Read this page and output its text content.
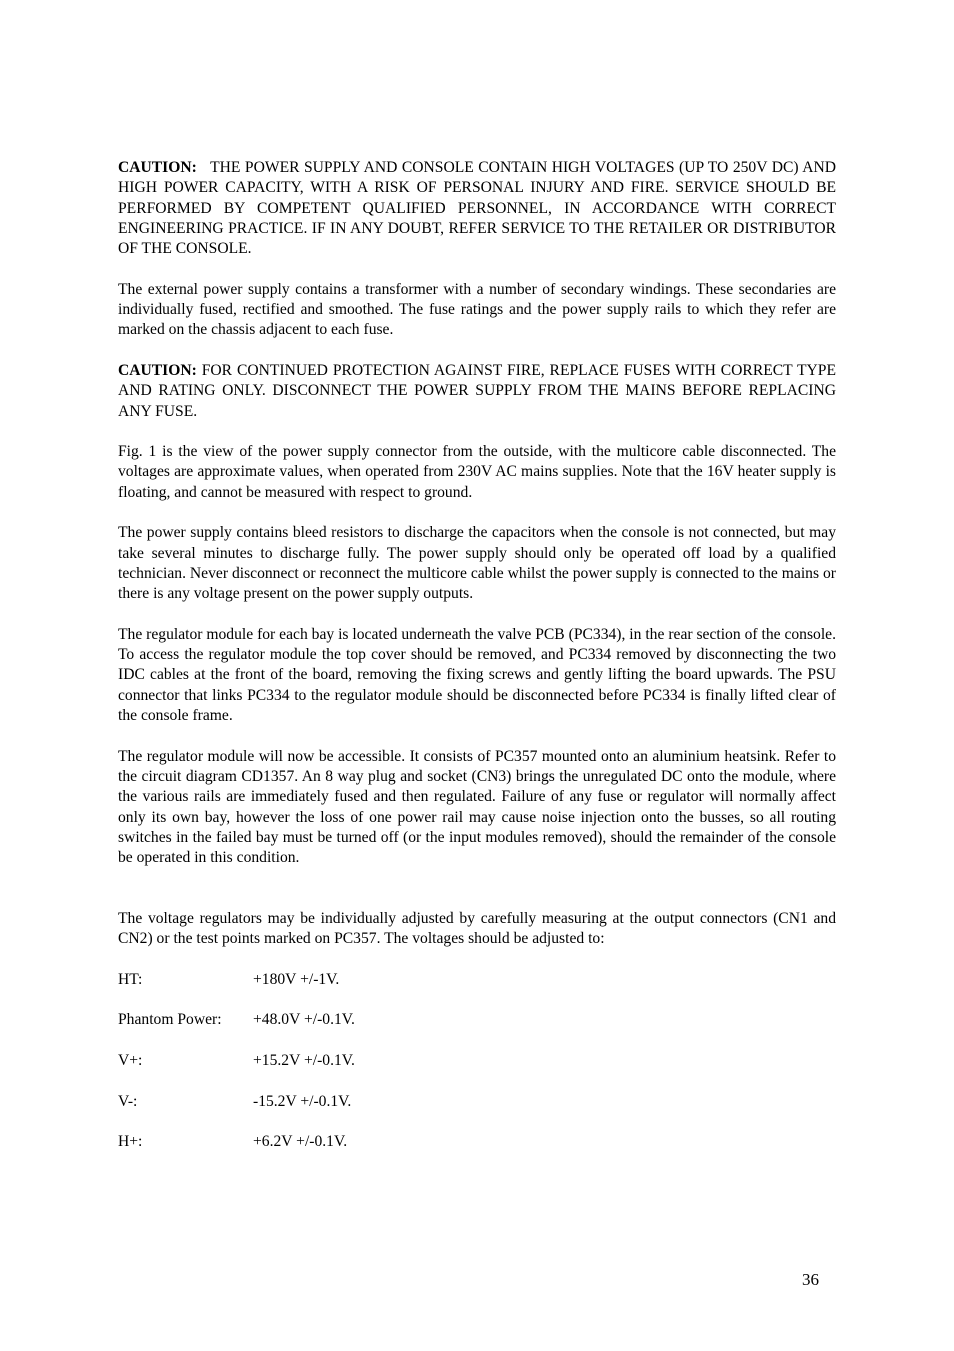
CAUTION: THE POWER SUPPLY AND CONSOLE CONTAIN HIGH VOLTAGES (UP TO 250V DC) AND HIGH POWER CAPACITY, WITH A RISK OF PERSONAL INJURY AND FIRE. SERVICE SHOULD BE PERFORMED BY COMPETENT QUALIFIED PERSONNEL, IN ACCORDANCE WITH CORRECT ENGINEERING PRACTICE. IF IN ANY DOUBT, REFER SERVICE TO THE RETAILER OR DISTRIBUTOR OF THE CONSOLE.

The external power supply contains a transformer with a number of secondary windings. These secondaries are individually fused, rectified and smoothed. The fuse ratings and the power supply rails to which they refer are marked on the chassis adjacent to each fuse.

CAUTION: FOR CONTINUED PROTECTION AGAINST FIRE, REPLACE FUSES WITH CORRECT TYPE AND RATING ONLY. DISCONNECT THE POWER SUPPLY FROM THE MAINS BEFORE REPLACING ANY FUSE.

Fig. 1 is the view of the power supply connector from the outside, with the multicore cable disconnected. The voltages are approximate values, when operated from 230V AC mains supplies. Note that the 16V heater supply is floating, and cannot be measured with respect to ground.

The power supply contains bleed resistors to discharge the capacitors when the console is not connected, but may take several minutes to discharge fully. The power supply should only be operated off load by a qualified technician. Never disconnect or reconnect the multicore cable whilst the power supply is connected to the mains or there is any voltage present on the power supply outputs.

The regulator module for each bay is located underneath the valve PCB (PC334), in the rear section of the console. To access the regulator module the top cover should be removed, and PC334 removed by disconnecting the two IDC cables at the front of the board, removing the fixing screws and gently lifting the board upwards. The PSU connector that links PC334 to the regulator module should be disconnected before PC334 is finally lifted clear of the console frame.

The regulator module will now be accessible. It consists of PC357 mounted onto an aluminium heatsink. Refer to the circuit diagram CD1357. An 8 way plug and socket (CN3) brings the unregulated DC onto the module, where the various rails are immediately fused and then regulated. Failure of any fuse or regulator will normally affect only its own bay, however the loss of one power rail may cause noise injection onto the busses, so all routing switches in the failed bay must be turned off (or the input modules removed), should the remainder of the console be operated in this condition.

The voltage regulators may be individually adjusted by carefully measuring at the output connectors (CN1 and CN2) or the test points marked on PC357. The voltages should be adjusted to:

HT:	+180V +/-1V.
Phantom Power:	+48.0V +/-0.1V.
V+:	+15.2V +/-0.1V.
V-:	-15.2V +/-0.1V.
H+:	+6.2V +/-0.1V.
36
